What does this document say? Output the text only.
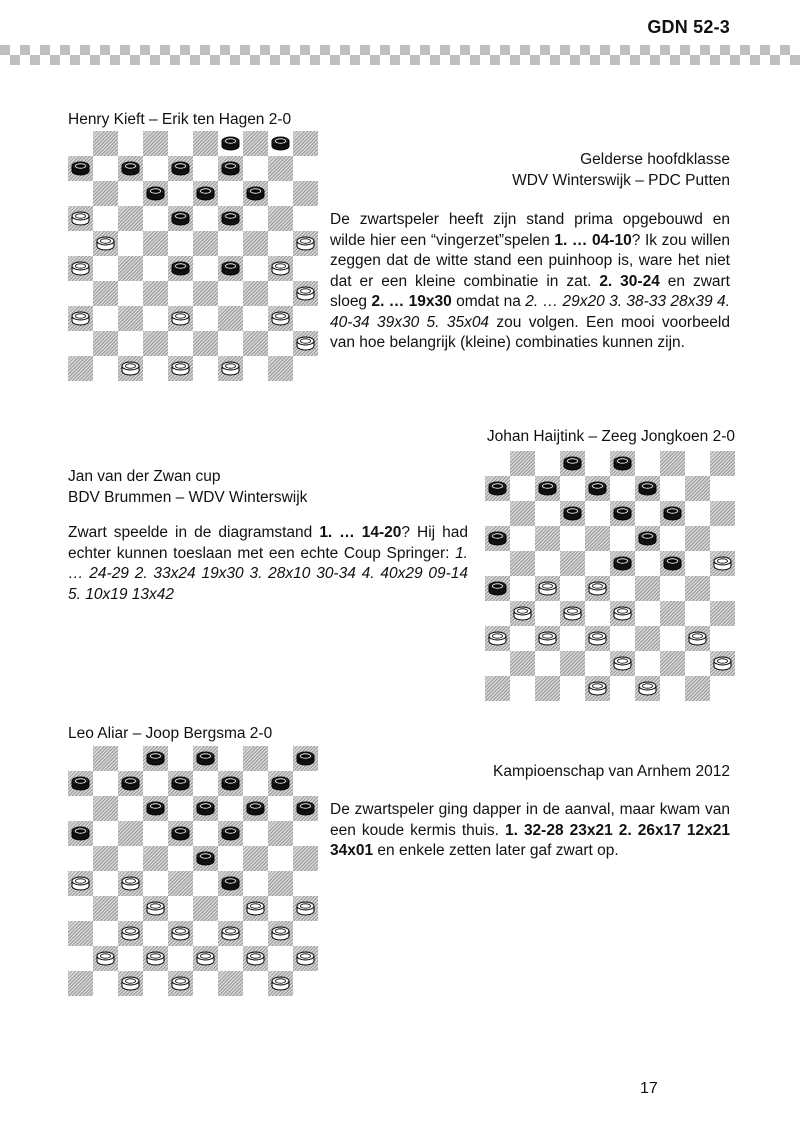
GDN 52-3
Henry Kieft – Erik ten Hagen 2-0
Gelderse hoofdklasse
WDV Winterswijk – PDC Putten
De zwartspeler heeft zijn stand prima opgebouwd en wilde hier een “vingerzet”spelen 1. … 04-10? Ik zou willen zeggen dat de witte stand een puinhoop is, ware het niet dat er een kleine combinatie in zat. 2. 30-24 en zwart sloeg 2. … 19x30 omdat na 2. … 29x20 3. 38-33 28x39 4. 40-34 39x30 5. 35x04 zou volgen. Een mooi voorbeeld van hoe belangrijk (kleine) combinaties kunnen zijn.
Johan Haijtink – Zeeg Jongkoen 2-0
Jan van der Zwan cup
BDV Brummen – WDV Winterswijk
Zwart speelde in de diagramstand 1. … 14-20? Hij had echter kunnen toeslaan met een echte Coup Springer: 1. … 24-29 2. 33x24 19x30 3. 28x10 30-34 4. 40x29 09-14 5. 10x19 13x42
Leo Aliar – Joop Bergsma 2-0
Kampioenschap van Arnhem 2012
De zwartspeler ging dapper in de aanval, maar kwam van een koude kermis thuis. 1. 32-28 23x21 2. 26x17 12x21 34x01 en enkele zetten later gaf zwart op.
17
